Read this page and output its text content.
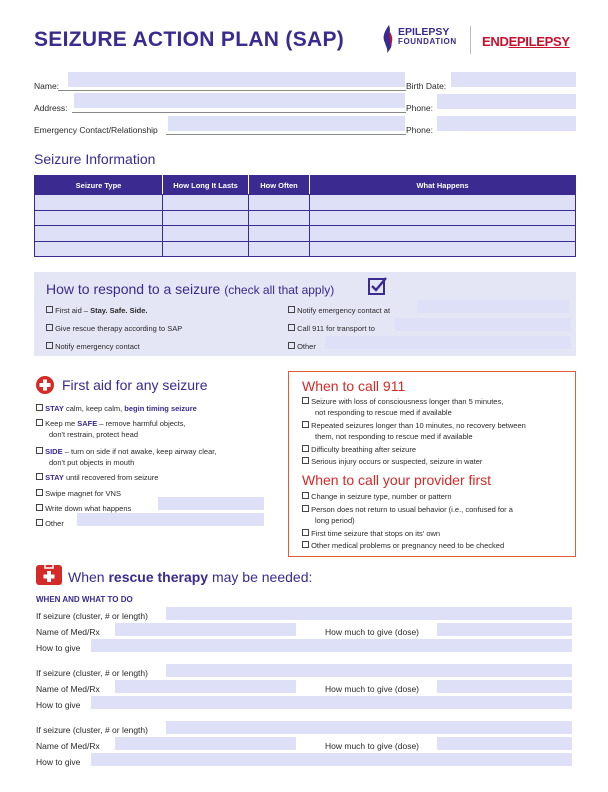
SEIZURE ACTION PLAN (SAP)	EPILEPSY
FOUNDATION ENDEPILEPSY
Name:	Birth Date:
Address:	Phone:
Emergency Contact/Relationship	Phone:
Seizure Information
Seizure Type	How Long It Lasts	How Often	What Happens

How to respond to a seizure (check all that apply)
First aid – Stay. Safe. Side.
Give rescue therapy according to SAP
Notify emergency contact
Notify emergency contact at
Call 911 for transport to
Other
First aid for any seizure
STAY calm, keep calm, begin timing seizure
Keep me SAFE – remove harmful objects,
don't restrain, protect head
SIDE – turn on side if not awake, keep airway clear,
don't put objects in mouth
STAY until recovered from seizure
Swipe magnet for VNS
Write down what happens
Other
When to call 911
Seizure with loss of consciousness longer than 5 minutes,
not responding to rescue med if available
Repeated seizures longer than 10 minutes, no recovery between
them, not responding to rescue med if available
Difficulty breathing after seizure
Serious injury occurs or suspected, seizure in water
When to call your provider first
Change in seizure type, number or pattern
Person does not return to usual behavior (i.e., confused for a
long period)
First time seizure that stops on its' own
Other medical problems or pregnancy need to be checked
When rescue therapy may be needed:
WHEN AND WHAT TO DO
If seizure (cluster, # or length)
Name of Med/Rx	How much to give (dose)
How to give
If seizure (cluster, # or length)
Name of Med/Rx	How much to give (dose)
How to give
If seizure (cluster, # or length)
Name of Med/Rx	How much to give (dose)
How to give
